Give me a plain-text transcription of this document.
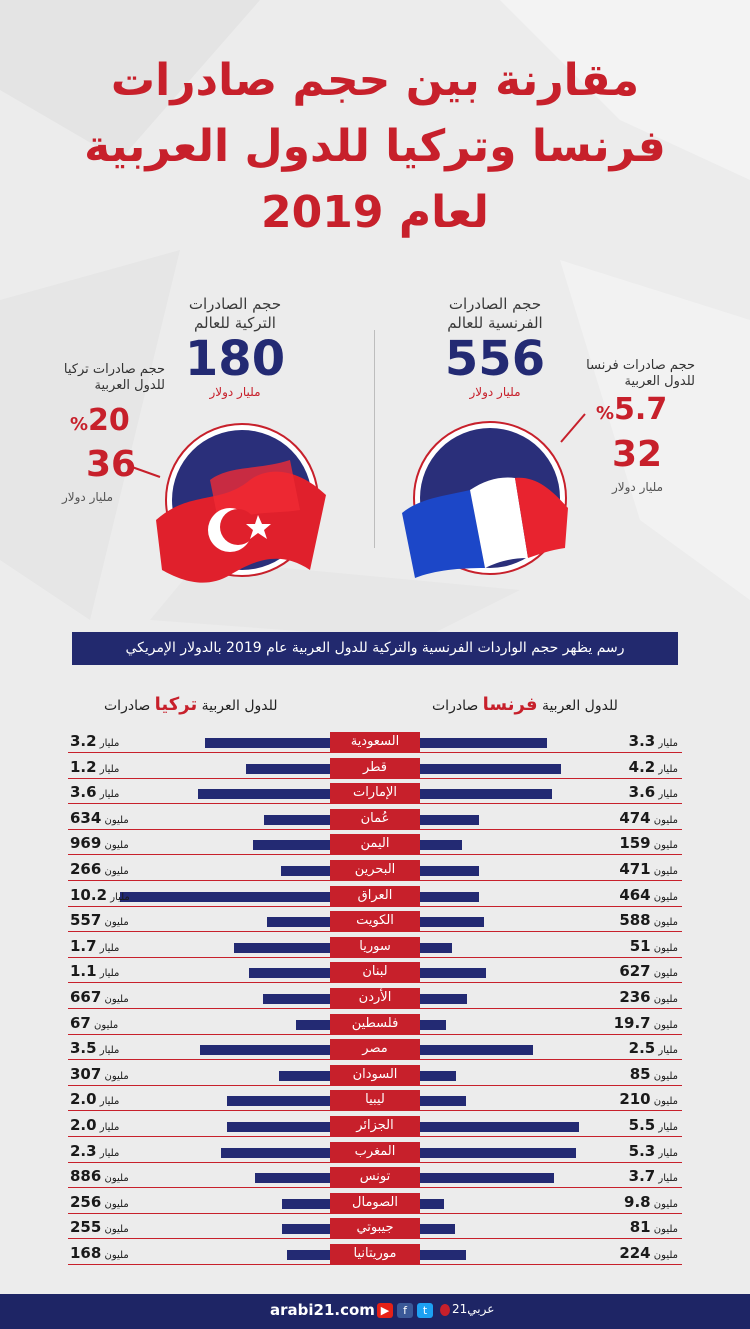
مقارنة بين حجم صادرات
فرنسا وتركيا للدول العربية
لعام 2019
حجم الصادرات
التركية للعالم
180
مليار دولار
حجم الصادرات
الفرنسية للعالم
556
مليار دولار
حجم صادرات تركيا
للدول العربية
%20
36
مليار دولار
حجم صادرات فرنسا
للدول العربية
%5.7
32
مليار دولار
رسم يظهر حجم الواردات الفرنسية والتركية للدول العربية عام 2019 بالدولار الإمريكي
للدول العربية تركيا صادرات	للدول العربية فرنسا صادرات
السعودية
مليار 3.2	مليار 3.3
قطر
مليار 1.2	مليار 4.2
الإمارات
مليار 3.6	مليار 3.6
عُمان
مليون 634	مليون 474
اليمن
مليون 969	مليون 159
البحرين
مليون 266	مليون 471
العراق
مليار 10.2	مليون 464
الكويت
مليون 557	مليون 588
سوريا
مليار 1.7	مليون 51
لبنان
مليار 1.1	مليون 627
الأردن
مليون 667	مليون 236
فلسطين
مليون 67	مليون 19.7
مصر
مليار 3.5	مليار 2.5
السودان
مليون 307	مليون 85
ليبيا
مليار 2.0	مليون 210
الجزائر
مليار 2.0	مليار 5.5
المغرب
مليار 2.3	مليار 5.3
تونس
مليون 886	مليار 3.7
الصومال
مليون 256	مليون 9.8
جيبوتي
مليون 255	مليون 81
موريتانيا
مليون 168	مليون 224
arabi21.com ▶	f	t	عربي21
